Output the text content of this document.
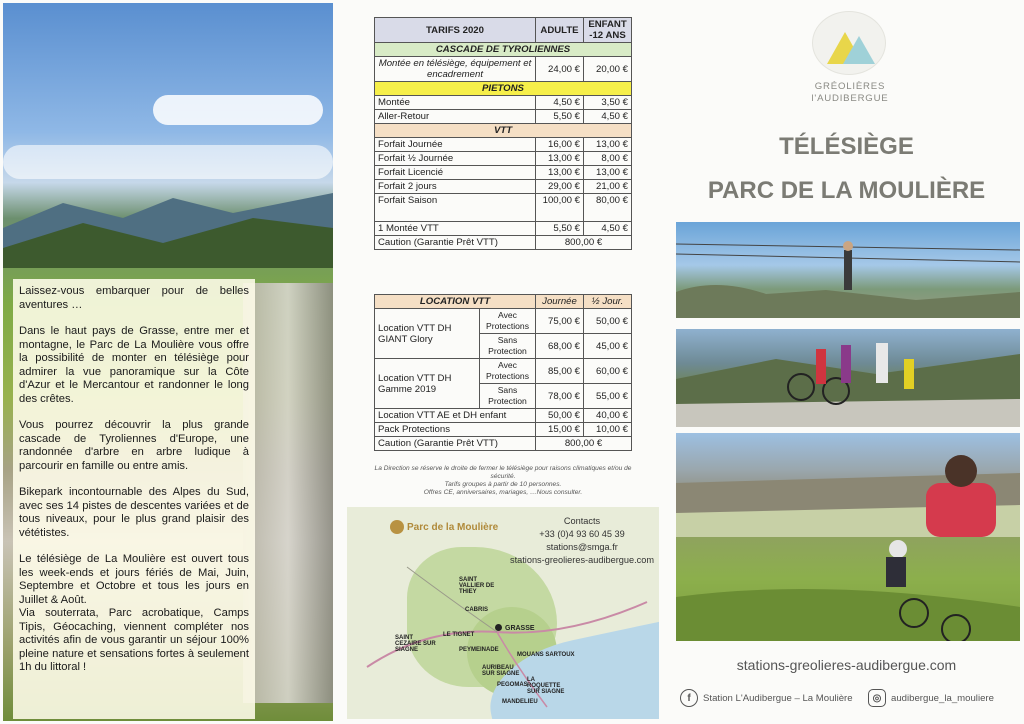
Laissez-vous embarquer pour de belles aventures …

Dans le haut pays de Grasse, entre mer et montagne, le Parc de La Moulière vous offre la possibilité de monter en télésiège pour admirer la vue panoramique sur la Côte d'Azur et le Mercantour et randonner le long des crêtes.

Vous pourrez découvrir la plus grande cascade de Tyroliennes d'Europe, une randonnée d'arbre en arbre ludique à parcourir en famille ou entre amis.

Bikepark incontournable des Alpes du Sud, avec ses 14 pistes de descentes variées et de tous niveaux, pour le plus grand plaisir des vététistes.

Le télésiège de La Moulière est ouvert tous les week-ends et jours fériés de Mai, Juin, Septembre et Octobre et tous les jours en Juillet & Août.

Via souterrata, Parc acrobatique, Camps Tipis, Géocaching, viennent compléter nos activités afin de vous garantir un séjour 100% pleine nature et sensations fortes à seulement 1h du littoral !

TARIFS 2020	ADULTE	ENFANT -12 ANS
CASCADE DE TYROLIENNES		
Montée en télésiège, équipement et encadrement	24,00 €	20,00 €
PIETONS		
Montée	4,50 €	3,50 €
Aller-Retour	5,50 €	4,50 €
VTT		
Forfait Journée	16,00 €	13,00 €
Forfait ½ Journée	13,00 €	8,00 €
Forfait Licencié	13,00 €	13,00 €
Forfait 2 jours	29,00 €	21,00 €
Forfait Saison	100,00 €	80,00 €
1 Montée VTT	5,50 €	4,50 €
Caution (Garantie Prêt VTT)	800,00 €	
LOCATION VTT		Journée	½ Jour.
Location VTT DH GIANT Glory	Avec Protections	75,00 €	50,00 €
	Sans Protection	68,00 €	45,00 €
Location VTT DH Gamme 2019	Avec Protections	85,00 €	60,00 €
	Sans Protection	78,00 €	55,00 €
Location VTT AE et DH enfant		50,00 €	40,00 €
Pack Protections		15,00 €	10,00 €
Caution (Garantie Prêt VTT)		800,00 €	
La Direction se réserve le droite de fermer le télésiège pour raisons climatiques et/ou de sécurité.
Tarifs groupes à partir de 10 personnes.
Offres CE, anniversaires, mariages, …Nous consulter.
Parc de la Moulière
GRASSE
SAINT VALLIER DE THIEY
SAINT CEZAIRE SUR SIAGNE
LE TIGNET
CABRIS
PEYMEINADE
MOUANS SARTOUX
LA ROQUETTE SUR SIAGNE
MANDELIEU
AURIBEAU SUR SIAGNE
PEGOMAS
Contacts
+33 (0)4 93 60 45 39
stations@smga.fr
stations-greolieres-audibergue.com
GRÉOLIÈRES
l'AUDIBERGUE
TÉLÉSIÈGE
PARC DE LA MOULIÈRE
stations-greolieres-audibergue.com
f	Station L'Audibergue – La Moulière	◎	audibergue_la_mouliere
